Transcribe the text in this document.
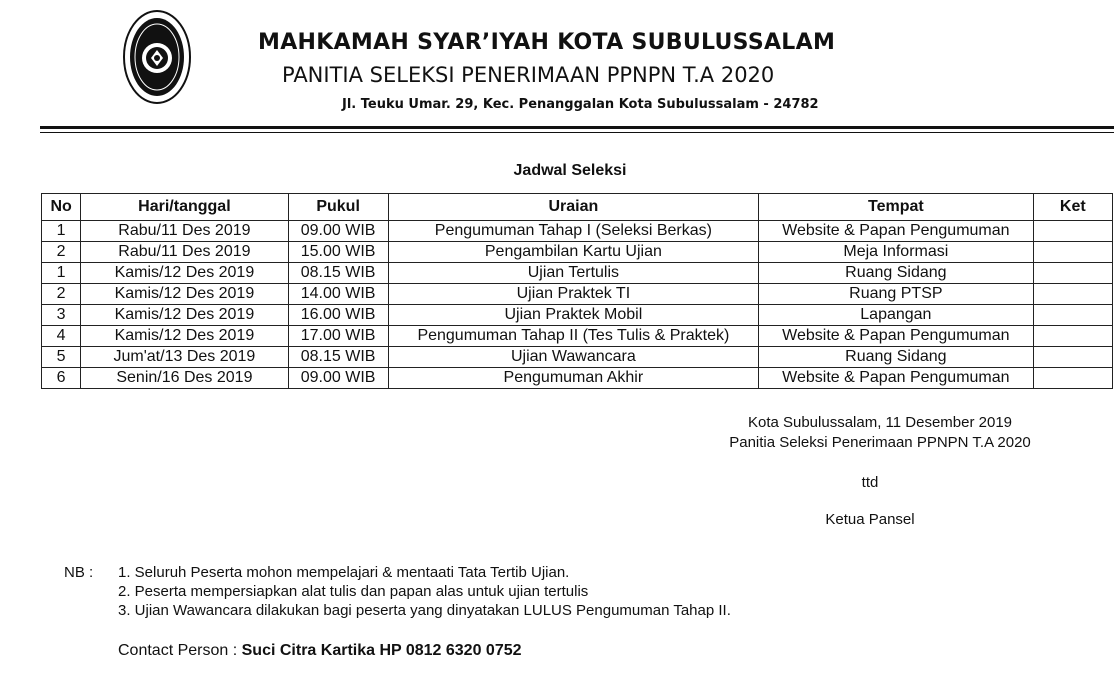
MAHKAMAH SYAR’IYAH KOTA SUBULUSSALAM
PANITIA SELEKSI PENERIMAAN PPNPN T.A 2020
Jl. Teuku Umar. 29, Kec. Penanggalan Kota Subulussalam - 24782
Jadwal Seleksi
No	Hari/tanggal	Pukul	Uraian	Tempat	Ket
1	Rabu/11 Des 2019	09.00 WIB	Pengumuman Tahap I (Seleksi Berkas)	Website & Papan Pengumuman	
2	Rabu/11 Des 2019	15.00 WIB	Pengambilan Kartu Ujian	Meja Informasi	
1	Kamis/12 Des 2019	08.15 WIB	Ujian Tertulis	Ruang Sidang	
2	Kamis/12 Des 2019	14.00 WIB	Ujian Praktek TI	Ruang PTSP	
3	Kamis/12 Des 2019	16.00 WIB	Ujian Praktek Mobil	Lapangan	
4	Kamis/12 Des 2019	17.00 WIB	Pengumuman Tahap II (Tes Tulis & Praktek)	Website & Papan Pengumuman	
5	Jum'at/13 Des 2019	08.15 WIB	Ujian Wawancara	Ruang Sidang	
6	Senin/16 Des 2019	09.00 WIB	Pengumuman Akhir	Website & Papan Pengumuman	
Kota Subulussalam, 11 Desember 2019
Panitia Seleksi Penerimaan PPNPN T.A 2020
ttd
Ketua Pansel
NB : 1. Seluruh Peserta mohon mempelajari & mentaati Tata Tertib Ujian.
2. Peserta mempersiapkan alat tulis dan papan alas untuk ujian tertulis
3. Ujian Wawancara dilakukan bagi peserta yang dinyatakan LULUS Pengumuman Tahap II.
Contact Person : Suci Citra Kartika HP 0812 6320 0752
